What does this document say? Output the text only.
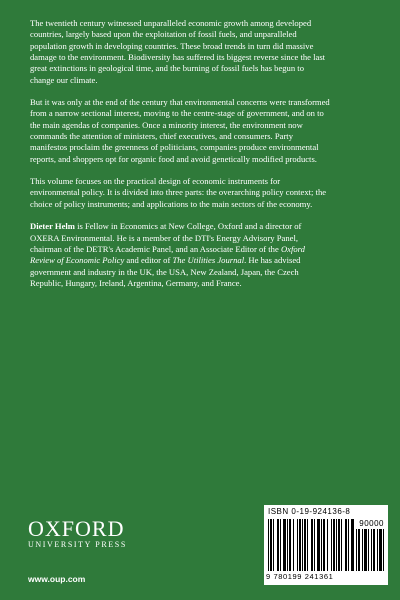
The twentieth century witnessed unparalleled economic growth among developed countries, largely based upon the exploitation of fossil fuels, and unparalleled population growth in developing countries. These broad trends in turn did massive damage to the environment. Biodiversity has suffered its biggest reverse since the last great extinctions in geological time, and the burning of fossil fuels has begun to change our climate.

But it was only at the end of the century that environmental concerns were transformed from a narrow sectional interest, moving to the centre-stage of government, and on to the main agendas of companies. Once a minority interest, the environment now commands the attention of ministers, chief executives, and consumers. Party manifestos proclaim the greenness of politicians, companies produce environmental reports, and shoppers opt for organic food and avoid genetically modified products.

This volume focuses on the practical design of economic instruments for environmental policy. It is divided into three parts: the overarching policy context; the choice of policy instruments; and applications to the main sectors of the economy.

Dieter Helm is Fellow in Economics at New College, Oxford and a director of OXERA Environmental. He is a member of the DTI's Energy Advisory Panel, chairman of the DETR's Academic Panel, and an Associate Editor of the Oxford Review of Economic Policy and editor of The Utilities Journal. He has advised government and industry in the UK, the USA, New Zealand, Japan, the Czech Republic, Hungary, Ireland, Argentina, Germany, and France.

OXFORD
UNIVERSITY PRESS
www.oup.com
ISBN 0-19-924136-8
90000
9 780199 241361
